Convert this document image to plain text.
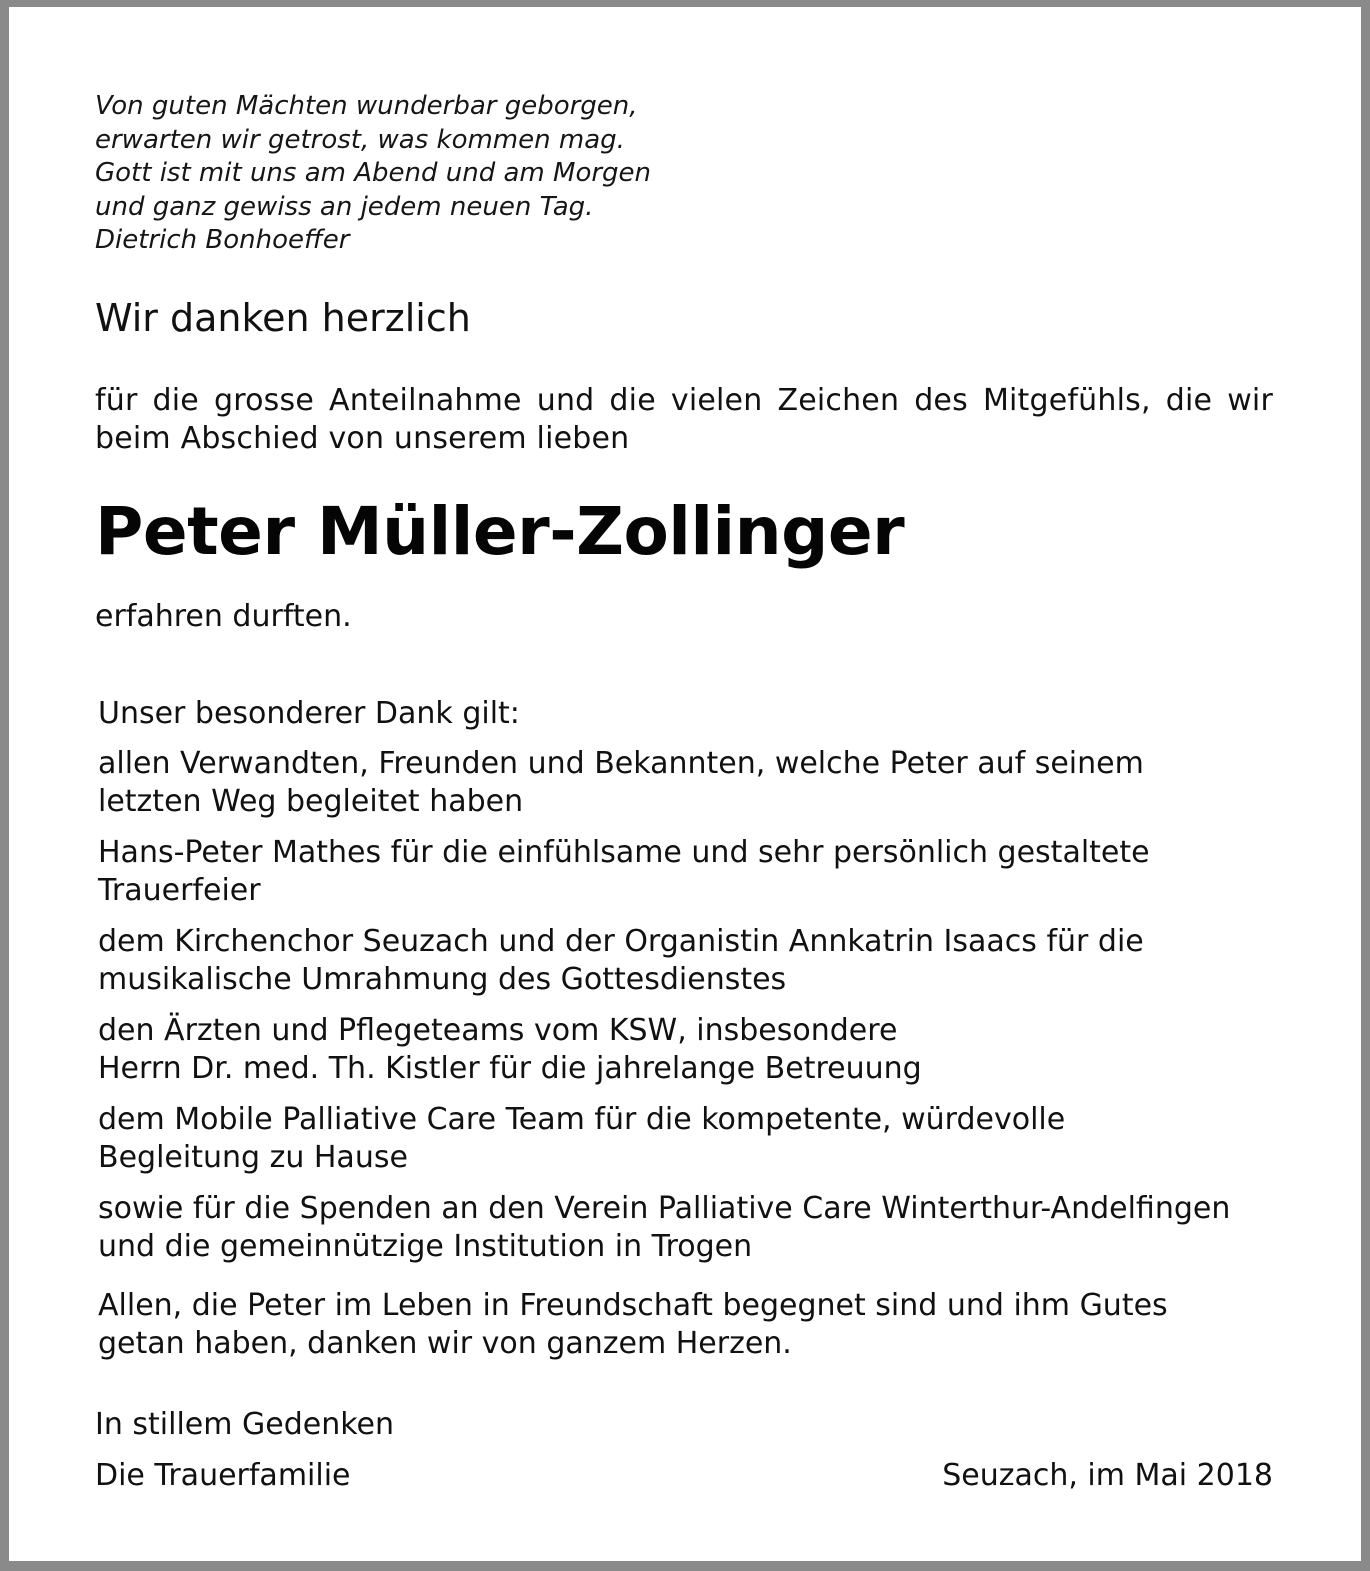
Von guten Mächten wunderbar geborgen,
erwarten wir getrost, was kommen mag.
Gott ist mit uns am Abend und am Morgen
und ganz gewiss an jedem neuen Tag.
Dietrich Bonhoeffer
Wir danken herzlich
für die grosse Anteilnahme und die vielen Zeichen des Mitgefühls, die wir
beim Abschied von unserem lieben
Peter Müller-Zollinger
erfahren durften.
Unser besonderer Dank gilt:
allen Verwandten, Freunden und Bekannten, welche Peter auf seinem
letzten Weg begleitet haben
Hans-Peter Mathes für die einfühlsame und sehr persönlich gestaltete
Trauerfeier
dem Kirchenchor Seuzach und der Organistin Annkatrin Isaacs für die
musikalische Umrahmung des Gottesdienstes
den Ärzten und Pflegeteams vom KSW, insbesondere
Herrn Dr. med. Th. Kistler für die jahrelange Betreuung
dem Mobile Palliative Care Team für die kompetente, würdevolle
Begleitung zu Hause
sowie für die Spenden an den Verein Palliative Care Winterthur-Andelfingen
und die gemeinnützige Institution in Trogen
Allen, die Peter im Leben in Freundschaft begegnet sind und ihm Gutes
getan haben, danken wir von ganzem Herzen.
In stillem Gedenken
Die Trauerfamilie	Seuzach, im Mai 2018
